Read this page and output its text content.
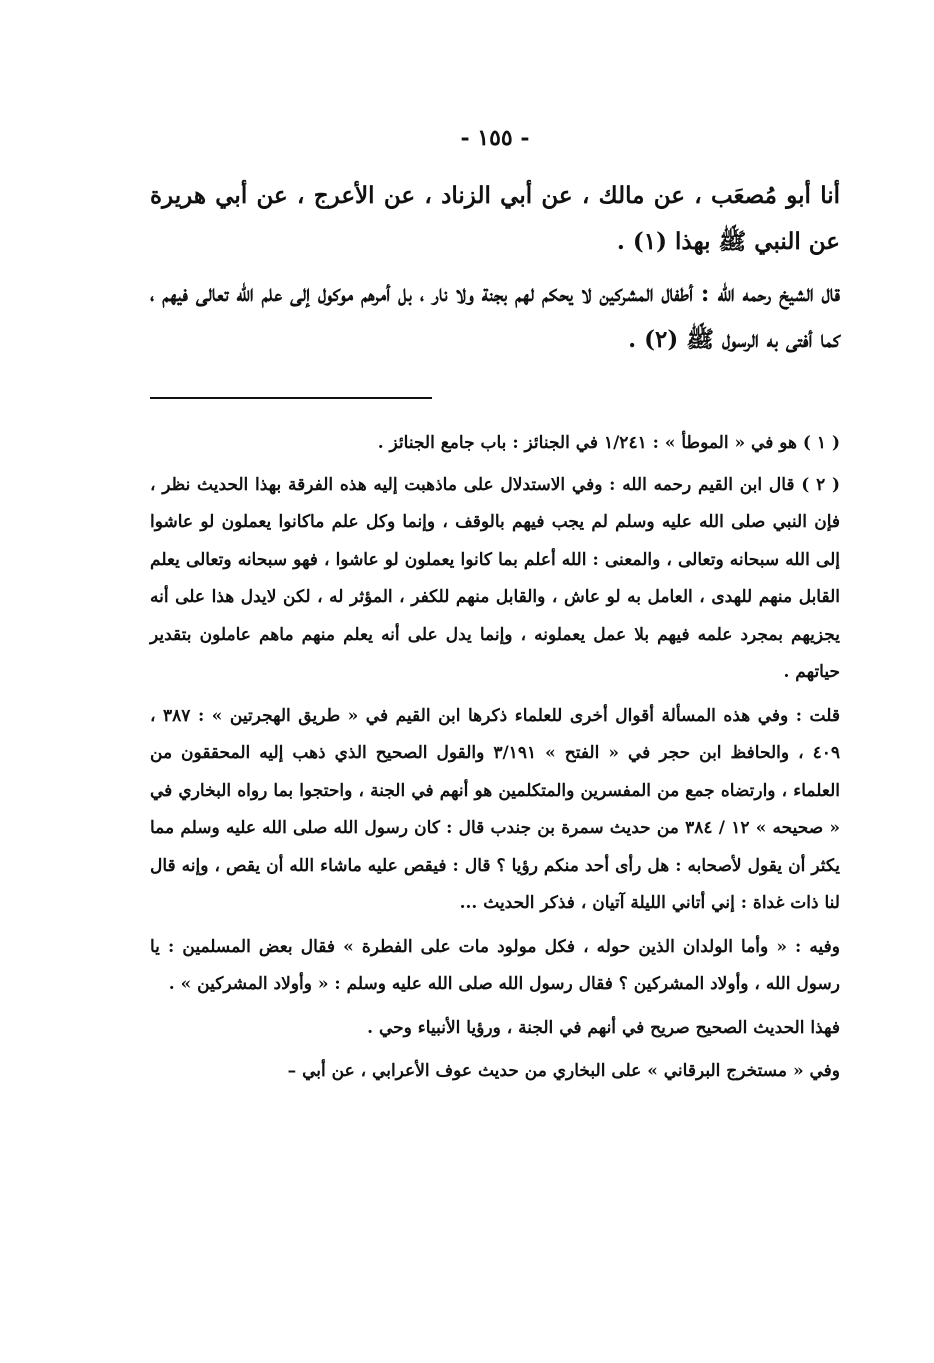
- ١٥٥ -

أنا أبو مُصعَب ، عن مالك ، عن أبي الزناد ، عن الأعرج ، عن أبي هريرة عن النبي ﷺ بهذا (١) .

قال الشيخ رحمه الله : أطفال المشركين لا يحكم لهم بجنة ولا نار ، بل أمرهم موكول إلى علم الله تعالى فيهم ، كما أفتى به الرسول ﷺ (٢) .

( ١ ) هو في « الموطأ » : ١/٢٤١ في الجنائز : باب جامع الجنائز .

( ٢ ) قال ابن القيم رحمه الله : وفي الاستدلال على ماذهبت إليه هذه الفرقة بهذا الحديث نظر ، فإن النبي صلى الله عليه وسلم لم يجب فيهم بالوقف ، وإنما وكل علم ماكانوا يعملون لو عاشوا إلى الله سبحانه وتعالى ، والمعنى : الله أعلم بما كانوا يعملون لو عاشوا ، فهو سبحانه وتعالى يعلم القابل منهم للهدى ، العامل به لو عاش ، والقابل منهم للكفر ، المؤثر له ، لكن لايدل هذا على أنه يجزيهم بمجرد علمه فيهم بلا عمل يعملونه ، وإنما يدل على أنه يعلم منهم ماهم عاملون بتقدير حياتهم .

قلت : وفي هذه المسألة أقوال أخرى للعلماء ذكرها ابن القيم في « طريق الهجرتين » : ٣٨٧ ، ٤٠٩ ، والحافظ ابن حجر في « الفتح » ٣/١٩١ والقول الصحيح الذي ذهب إليه المحققون من العلماء ، وارتضاه جمع من المفسرين والمتكلمين هو أنهم في الجنة ، واحتجوا بما رواه البخاري في « صحيحه » ١٢ / ٣٨٤ من حديث سمرة بن جندب قال : كان رسول الله صلى الله عليه وسلم مما يكثر أن يقول لأصحابه : هل رأى أحد منكم رؤيا ؟ قال : فيقص عليه ماشاء الله أن يقص ، وإنه قال لنا ذات غداة : إني أتاني الليلة آتيان ، فذكر الحديث ...

وفيه : « وأما الولدان الذين حوله ، فكل مولود مات على الفطرة » فقال بعض المسلمين : يا رسول الله ، وأولاد المشركين ؟ فقال رسول الله صلى الله عليه وسلم : « وأولاد المشركين » .

فهذا الحديث الصحيح صريح في أنهم في الجنة ، ورؤيا الأنبياء وحي .

وفي « مستخرج البرقاني » على البخاري من حديث عوف الأعرابي ، عن أبي –
